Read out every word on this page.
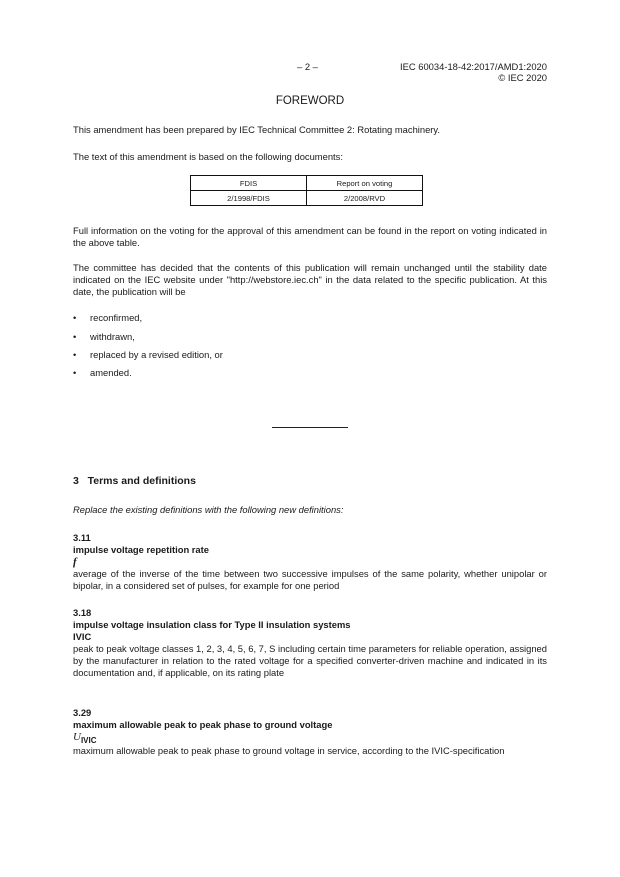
– 2 –	IEC 60034-18-42:2017/AMD1:2020
© IEC 2020
FOREWORD
This amendment has been prepared by IEC Technical Committee 2: Rotating machinery.
The text of this amendment is based on the following documents:
FDIS	Report on voting
2/1998/FDIS	2/2008/RVD
Full information on the voting for the approval of this amendment can be found in the report on voting indicated in the above table.
The committee has decided that the contents of this publication will remain unchanged until the stability date indicated on the IEC website under "http://webstore.iec.ch" in the data related to the specific publication. At this date, the publication will be
• reconfirmed,
• withdrawn,
• replaced by a revised edition, or
• amended.
3   Terms and definitions
Replace the existing definitions with the following new definitions:
3.11
impulse voltage repetition rate
f
average of the inverse of the time between two successive impulses of the same polarity, whether unipolar or bipolar, in a considered set of pulses, for example for one period
3.18
impulse voltage insulation class for Type II insulation systems
IVIC
peak to peak voltage classes 1, 2, 3, 4, 5, 6, 7, S including certain time parameters for reliable operation, assigned by the manufacturer in relation to the rated voltage for a specified converter-driven machine and indicated in its documentation and, if applicable, on its rating plate
3.29
maximum allowable peak to peak phase to ground voltage
$U_{IVIC}$
maximum allowable peak to peak phase to ground voltage in service, according to the IVIC-specification
